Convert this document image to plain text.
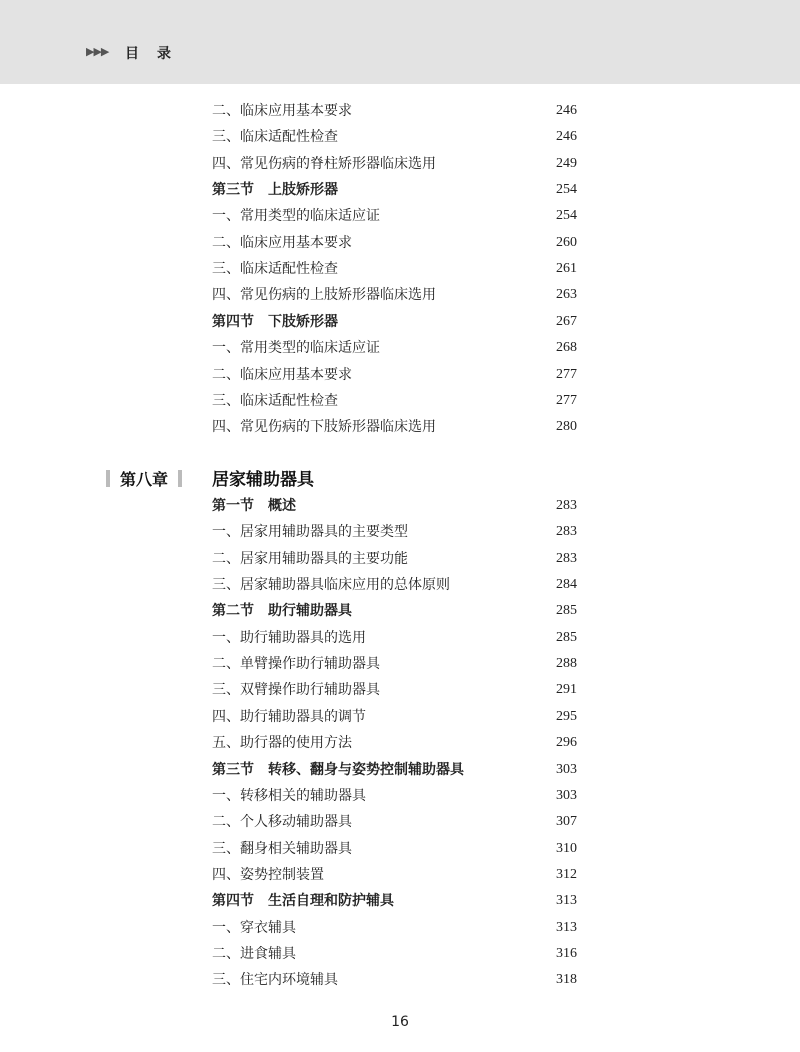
▶▶▶ 目录
第八章	居家辅助器具
二、临床应用基本要求	246
三、临床适配性检查	246
四、常见伤病的脊柱矫形器临床选用	249
第三节　上肢矫形器	254
一、常用类型的临床适应证	254
二、临床应用基本要求	260
三、临床适配性检查	261
四、常见伤病的上肢矫形器临床选用	263
第四节　下肢矫形器	267
一、常用类型的临床适应证	268
二、临床应用基本要求	277
三、临床适配性检查	277
四、常见伤病的下肢矫形器临床选用	280
第一节　概述	283
一、居家用辅助器具的主要类型	283
二、居家用辅助器具的主要功能	283
三、居家辅助器具临床应用的总体原则	284
第二节　助行辅助器具	285
一、助行辅助器具的选用	285
二、单臂操作助行辅助器具	288
三、双臂操作助行辅助器具	291
四、助行辅助器具的调节	295
五、助行器的使用方法	296
第三节　转移、翻身与姿势控制辅助器具	303
一、转移相关的辅助器具	303
二、个人移动辅助器具	307
三、翻身相关辅助器具	310
四、姿势控制装置	312
第四节　生活自理和防护辅具	313
一、穿衣辅具	313
二、进食辅具	316
三、住宅内环境辅具	318
16
